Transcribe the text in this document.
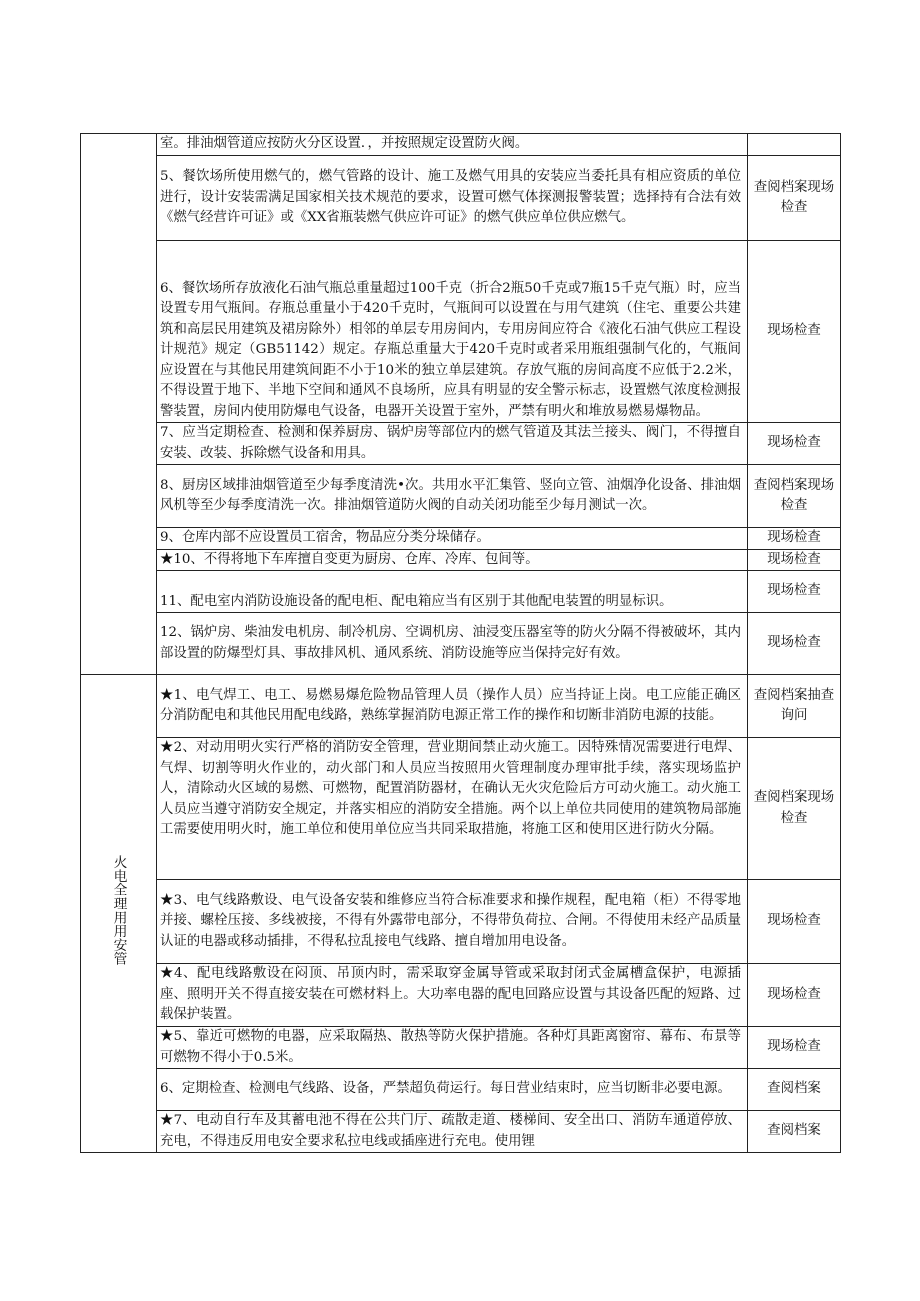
	室。排油烟管道应按防火分区设置．，并按照规定设置防火阀。	
	5、餐饮场所使用燃气的，燃气管路的设计、施工及燃气用具的安装应当委托具有相应资质的单位进行，设计安装需满足国家相关技术规范的要求，设置可燃气体探测报警装置；选择持有合法有效《燃气经营许可证》或《XX省瓶装燃气供应许可证》的燃气供应单位供应燃气。	查阅档案现场检查
	6、餐饮场所存放液化石油气瓶总重量超过100千克（折合2瓶50千克或7瓶15千克气瓶）时，应当设置专用气瓶间。存瓶总重量小于420千克时，气瓶间可以设置在与用气建筑（住宅、重要公共建筑和高层民用建筑及裙房除外）相邻的单层专用房间内，专用房间应符合《液化石油气供应工程设计规范》规定（GB51142）规定。存瓶总重量大于420千克时或者采用瓶组强制气化的，气瓶间应设置在与其他民用建筑间距不小于10米的独立单层建筑。存放气瓶的房间高度不应低于2.2米，不得设置于地下、半地下空间和通风不良场所，应具有明显的安全警示标志，设置燃气浓度检测报警装置，房间内使用防爆电气设备，电器开关设置于室外，严禁有明火和堆放易燃易爆物品。	现场检查
	7、应当定期检查、检测和保养厨房、锅炉房等部位内的燃气管道及其法兰接头、阀门，不得擅自安装、改装、拆除燃气设备和用具。	现场检查
	8、厨房区域排油烟管道至少每季度清洗•次。共用水平汇集管、竖向立管、油烟净化设备、排油烟风机等至少每季度清洗一次。排油烟管道防火阀的自动关闭功能至少每月测试一次。	查阅档案现场检查
	9、仓库内部不应设置员工宿舍，物品应分类分垛储存。	现场检查
	★10、不得将地下车库擅自变更为厨房、仓库、冷库、包间等。	现场检查
	11、配电室内消防设施设备的配电柜、配电箱应当有区别于其他配电装置的明显标识。	现场检查
	12、锅炉房、柴油发电机房、制冷机房、空调机房、油浸变压器室等的防火分隔不得被破坏，其内部设置的防爆型灯具、事故排风机、通风系统、消防设施等应当保持完好有效。	现场检查
火电全理用用安管	★1、电气焊工、电工、易燃易爆危险物品管理人员（操作人员）应当持证上岗。电工应能正确区分消防配电和其他民用配电线路，熟练掌握消防电源正常工作的操作和切断非消防电源的技能。	查阅档案抽查询问
	★2、对动用明火实行严格的消防安全管理，营业期间禁止动火施工。因特殊情况需要进行电焊、气焊、切割等明火作业的，动火部门和人员应当按照用火管理制度办理审批手续，落实现场监护人，清除动火区域的易燃、可燃物，配置消防器材，在确认无火灾危险后方可动火施工。动火施工人员应当遵守消防安全规定，并落实相应的消防安全措施。两个以上单位共同使用的建筑物局部施工需要使用明火时，施工单位和使用单位应当共同采取措施，将施工区和使用区进行防火分隔。	查阅档案现场检查
	★3、电气线路敷设、电气设备安装和维修应当符合标准要求和操作规程，配电箱（柜）不得零地并接、螺栓压接、多线被接，不得有外露带电部分，不得带负荷拉、合闸。不得使用未经产品质量认证的电器或移动插排，不得私拉乱接电气线路、擅自增加用电设备。	现场检查
	★4、配电线路敷设在闷顶、吊顶内时，需采取穿金属导管或采取封闭式金属槽盒保护，电源插座、照明开关不得直接安装在可燃材料上。大功率电器的配电回路应设置与其设备匹配的短路、过载保护装置。	现场检查
	★5、靠近可燃物的电器，应采取隔热、散热等防火保护措施。各种灯具距离窗帘、幕布、布景等可燃物不得小于0.5米。	现场检查
	6、定期检查、检测电气线路、设备，严禁超负荷运行。每日营业结束时，应当切断非必要电源。	查阅档案
	★7、电动自行车及其蓄电池不得在公共门厅、疏散走道、楼梯间、安全出口、消防车通道停放、充电，不得违反用电安全要求私拉电线或插座进行充电。使用锂	查阅档案
